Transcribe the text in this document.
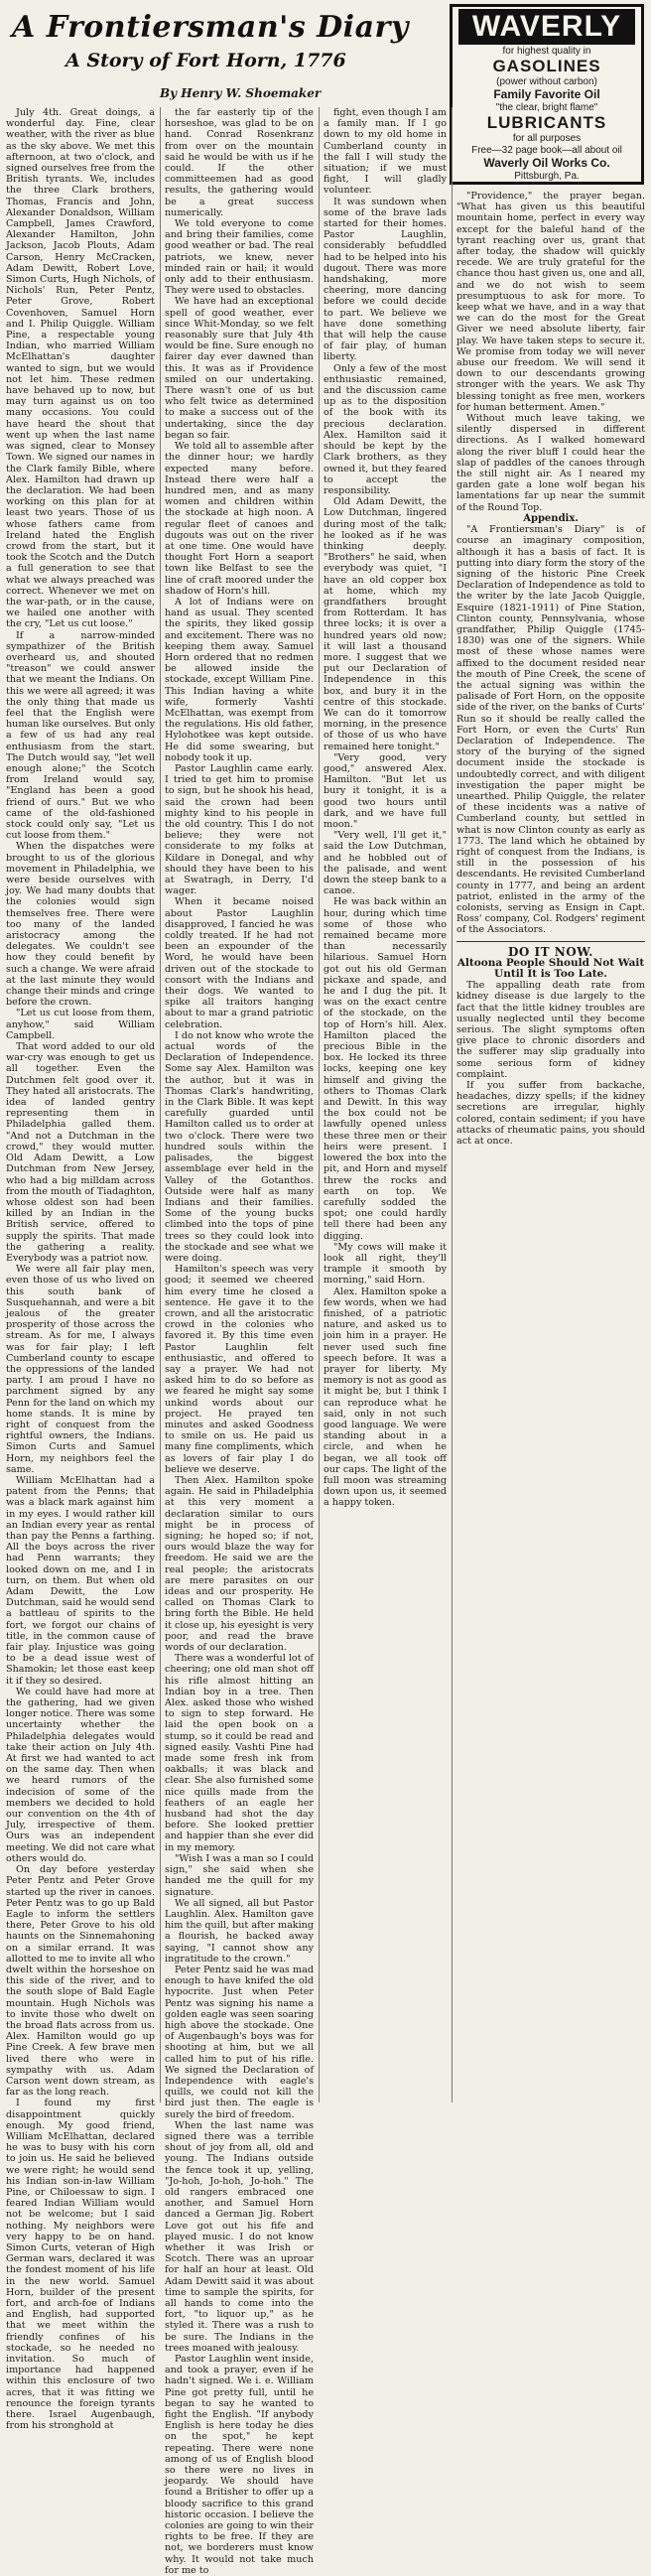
A Frontiersman's Diary
A Story of Fort Horn, 1776
By Henry W. Shoemaker
WAVERLY
for highest quality in
GASOLINES
(power without carbon)
Family Favorite Oil
"the clear, bright flame"
LUBRICANTS
for all purposes
Free—32 page book—all about oil
Waverly Oil Works Co.
Pittsburgh, Pa.

July 4th. Great doings, a wonderful day. Fine, clear weather, with the river as blue as the sky above. We met this afternoon, at two o'clock, and signed ourselves free from the British tyrants. We, includes the three Clark brothers, Thomas, Francis and John, Alexander Donaldson, William Campbell, James Crawford, Alexander Hamilton, John Jackson, Jacob Plouts, Adam Carson, Henry McCracken, Adam Dewitt, Robert Love, Simon Curts, Hugh Nichols, of Nichols' Run, Peter Pentz, Peter Grove, Robert Covenhoven, Samuel Horn and I. Philip Quiggle. William Pine, a respectable young Indian, who married William McElhattan's daughter wanted to sign, but we would not let him. These redmen have behaved up to now, but may turn against us on too many occasions. You could have heard the shout that went up when the last name was signed, clear to Monsey Town. We signed our names in the Clark family Bible, where Alex. Hamilton had drawn up the declaration. We had been working on this plan for at least two years. Those of us whose fathers came from Ireland hated the English crowd from the start, but it took the Scotch and the Dutch a full generation to see that what we always preached was correct. Whenever we met on the war-path, or in the cause, we hailed one another with the cry, "Let us cut loose."

If a narrow-minded sympathizer of the British overheard us, and shouted "treason" we could answer that we meant the Indians. On this we were all agreed; it was the only thing that made us feel that the English were human like ourselves. But only a few of us had any real enthusiasm from the start. The Dutch would say, "let well enough alone;" the Scotch from Ireland would say, "England has been a good friend of ours." But we who came of the old-fashioned stock could only say, "Let us cut loose from them."

When the dispatches were brought to us of the glorious movement in Philadelphia, we were beside ourselves with joy. We had many doubts that the colonies would sign themselves free. There were too many of the landed aristocracy among the delegates. We couldn't see how they could benefit by such a change. We were afraid at the last minute they would change their minds and cringe before the crown.

"Let us cut loose from them, anyhow," said William Campbell.

That word added to our old war-cry was enough to get us all together. Even the Dutchmen felt good over it. They hated all aristocrats. The idea of landed gentry representing them in Philadelphia galled them. "And not a Dutchman in the crowd," they would mutter. Old Adam Dewitt, a Low Dutchman from New Jersey, who had a big milldam across from the mouth of Tiadaghton, whose oldest son had been killed by an Indian in the British service, offered to supply the spirits. That made the gathering a reality. Everybody was a patriot now.

We were all fair play men, even those of us who lived on this south bank of Susquehannah, and were a bit jealous of the greater prosperity of those across the stream. As for me, I always was for fair play; I left Cumberland county to escape the oppressions of the landed party. I am proud I have no parchment signed by any Penn for the land on which my home stands. It is mine by right of conquest from the rightful owners, the Indians. Simon Curts and Samuel Horn, my neighbors feel the same.

William McElhattan had a patent from the Penns; that was a black mark against him in my eyes. I would rather kill an Indian every year as rental than pay the Penns a farthing. All the boys across the river had Penn warrants; they looked down on me, and I in turn, on them. But when old Adam Dewitt, the Low Dutchman, said he would send a battleau of spirits to the fort, we forgot our chains of title, in the common cause of fair play. Injustice was going to be a dead issue west of Shamokin; let those east keep it if they so desired.

We could have had more at the gathering, had we given longer notice. There was some uncertainty whether the Philadelphia delegates would take their action on July 4th. At first we had wanted to act on the same day. Then when we heard rumors of the indecision of some of the members we decided to hold our convention on the 4th of July, irrespective of them. Ours was an independent meeting. We did not care what others would do.

On day before yesterday Peter Pentz and Peter Grove started up the river in canoes. Peter Pentz was to go up Bald Eagle to inform the settlers there, Peter Grove to his old haunts on the Sinnemahoning on a similar errand. It was allotted to me to invite all who dwelt within the horseshoe on this side of the river, and to the south slope of Bald Eagle mountain. Hugh Nichols was to invite those who dwelt on the broad flats across from us. Alex. Hamilton would go up Pine Creek. A few brave men lived there who were in sympathy with us. Adam Carson went down stream, as far as the long reach.

I found my first disappointment quickly enough. My good friend, William McElhattan, declared he was to busy with his corn to join us. He said he believed we were right; he would send his Indian son-in-law William Pine, or Chiloessaw to sign. I feared Indian William would not be welcome; but I said nothing. My neighbors were very happy to be on hand. Simon Curts, veteran of High German wars, declared it was the fondest moment of his life in the new world. Samuel Horn, builder of the present fort, and arch-foe of Indians and English, had supported that we meet within the friendly confines of his stockade, so he needed no invitation. So much of importance had happened within this enclosure of two acres, that it was fitting we renounce the foreign tyrants there. Israel Augenbaugh, from his stronghold at

the far easterly tip of the horseshoe, was glad to be on hand. Conrad Rosenkranz from over on the mountain said he would be with us if he could. If the other committeemen had as good results, the gathering would be a great success numerically.

We told everyone to come and bring their families, come good weather or bad. The real patriots, we knew, never minded rain or hail; it would only add to their enthusiasm. They were used to obstacles.

We have had an exceptional spell of good weather, ever since Whit-Monday, so we felt reasonably sure that July 4th would be fine. Sure enough no fairer day ever dawned than this. It was as if Providence smiled on our undertaking. There wasn't one of us but who felt twice as determined to make a success out of the undertaking, since the day began so fair.

We told all to assemble after the dinner hour; we hardly expected many before. Instead there were half a hundred men, and as many women and children within the stockade at high noon. A regular fleet of canoes and dugouts was out on the river at one time. One would have thought Fort Horn a seaport town like Belfast to see the line of craft moored under the shadow of Horn's hill.

A lot of Indians were on hand as usual. They scented the spirits, they liked gossip and excitement. There was no keeping them away. Samuel Horn ordered that no redmen be allowed inside the stockade, except William Pine. This Indian having a white wife, formerly Vashti McElhattan, was exempt from the regulations. His old father, Hylohotkee was kept outside. He did some swearing, but nobody took it up.

Pastor Laughlin came early. I tried to get him to promise to sign, but he shook his head, said the crown had been mighty kind to his people in the old country. This I do not believe; they were not considerate to my folks at Kildare in Donegal, and why should they have been to his at Swatragh, in Derry, I'd wager.

When it became noised about Pastor Laughlin disapproved, I fancied he was coldly treated. If he had not been an expounder of the Word, he would have been driven out of the stockade to consort with the Indians and their dogs. We wanted to spike all traitors hanging about to mar a grand patriotic celebration.

I do not know who wrote the actual words of the Declaration of Independence. Some say Alex. Hamilton was the author, but it was in Thomas Clark's handwriting, in the Clark Bible. It was kept carefully guarded until Hamilton called us to order at two o'clock. There were two hundred souls within the palisades, the biggest assemblage ever held in the Valley of the Gotanthos. Outside were half as many Indians and their families. Some of the young bucks climbed into the tops of pine trees so they could look into the stockade and see what we were doing.

Hamilton's speech was very good; it seemed we cheered him every time he closed a sentence. He gave it to the crown, and all the aristocratic crowd in the colonies who favored it. By this time even Pastor Laughlin felt enthusiastic, and offered to say a prayer. We had not asked him to do so before as we feared he might say some unkind words about our project. He prayed ten minutes and asked Goodness to smile on us. He paid us many fine compliments, which as lovers of fair play I do believe we deserve.

Then Alex. Hamilton spoke again. He said in Philadelphia at this very moment a declaration similar to ours might be in process of signing; he hoped so; if not, ours would blaze the way for freedom. He said we are the real people; the aristocrats are mere parasites on our ideas and our prosperity. He called on Thomas Clark to bring forth the Bible. He held it close up, his eyesight is very poor, and read the brave words of our declaration.

There was a wonderful lot of cheering; one old man shot off his rifle almost hitting an Indian boy in a tree. Then Alex. asked those who wished to sign to step forward. He laid the open book on a stump, so it could be read and signed easily. Vashti Pine had made some fresh ink from oakballs; it was black and clear. She also furnished some nice quills made from the feathers of an eagle her husband had shot the day before. She looked prettier and happier than she ever did in my memory.

"Wish I was a man so I could sign," she said when she handed me the quill for my signature.

We all signed, all but Pastor Laughlin. Alex. Hamilton gave him the quill, but after making a flourish, he backed away saying, "I cannot show any ingratitude to the crown."

Peter Pentz said he was mad enough to have knifed the old hypocrite. Just when Peter Pentz was signing his name a golden eagle was seen soaring high above the stockade. One of Augenbaugh's boys was for shooting at him, but we all called him to put of his rifle. We signed the Declaration of Independence with eagle's quills, we could not kill the bird just then. The eagle is surely the bird of freedom.

When the last name was signed there was a terrible shout of joy from all, old and young. The Indians outside the fence took it up, yelling, "Jo-hoh, Jo-hoh, Jo-hoh." The old rangers embraced one another, and Samuel Horn danced a German Jig. Robert Love got out his fife and played music. I do not know whether it was Irish or Scotch. There was an uproar for half an hour at least. Old Adam Dewitt said it was about time to sample the spirits, for all hands to come into the fort, "to liquor up," as he styled it. There was a rush to be sure. The Indians in the trees moaned with jealousy.

Pastor Laughlin went inside, and took a prayer, even if he hadn't signed. We i. e. William Pine got pretty full, until he began to say he wanted to fight the English. "If anybody English is here today he dies on the spot," he kept repeating. There were none among of us of English blood so there were no lives in jeopardy. We should have found a Britisher to offer up a bloody sacrifice to this grand historic occasion. I believe the colonies are going to win their rights to be free. If they are not, we borderers must know why. It would not take much for me to

fight, even though I am a family man. If I go down to my old home in Cumberland county in the fall I will study the situation; if we must fight, I will gladly volunteer.

It was sundown when some of the brave lads started for their homes. Pastor Laughlin, considerably befuddled had to be helped into his dugout. There was more handshaking, more cheering, more dancing before we could decide to part. We believe we have done something that will help the cause of fair play, of human liberty.

Only a few of the most enthusiastic remained, and the discussion came up as to the disposition of the book with its precious declaration. Alex. Hamilton said it should be kept by the Clark brothers, as they owned it, but they feared to accept the responsibility.

Old Adam Dewitt, the Low Dutchman, lingered during most of the talk; he looked as if he was thinking deeply. "Brothers" he said, when everybody was quiet, "I have an old copper box at home, which my grandfathers brought from Rotterdam. It has three locks; it is over a hundred years old now; it will last a thousand more. I suggest that we put our Declaration of Independence in this box, and bury it in the centre of this stockade. We can do it tomorrow morning, in the presence of those of us who have remained here tonight."

"Very good, very good," answered Alex. Hamilton. "But let us bury it tonight, it is a good two hours until dark, and we have full moon."

"Very well, I'll get it," said the Low Dutchman, and he hobbled out of the palisade, and went down the steep bank to a canoe.

He was back within an hour, during which time some of those who remained became more than necessarily hilarious. Samuel Horn got out his old German pickaxe and spade, and he and I dug the pit. It was on the exact centre of the stockade, on the top of Horn's hill. Alex. Hamilton placed the precious Bible in the box. He locked its three locks, keeping one key himself and giving the others to Thomas Clark and Dewitt. In this way the box could not be lawfully opened unless these three men or their heirs were present. I lowered the box into the pit, and Horn and myself threw the rocks and earth on top. We carefully sodded the spot; one could hardly tell there had been any digging.

"My cows will make it look all right, they'll trample it smooth by morning," said Horn.

Alex. Hamilton spoke a few words, when we had finished, of a patriotic nature, and asked us to join him in a prayer. He never used such fine speech before. It was a prayer for liberty. My memory is not as good as it might be, but I think I can reproduce what he said, only in not such good language. We were standing about in a circle, and when he began, we all took off our caps. The light of the full moon was streaming down upon us, it seemed a happy token.

"Providence," the prayer began. "What has given us this beautiful mountain home, perfect in every way except for the baleful hand of the tyrant reaching over us, grant that after today, the shadow will quickly recede. We are truly grateful for the chance thou hast given us, one and all, and we do not wish to seem presumptuous to ask for more. To keep what we have, and in a way that we can do the most for the Great Giver we need absolute liberty, fair play. We have taken steps to secure it. We promise from today we will never abuse our freedom. We will send it down to our descendants growing stronger with the years. We ask Thy blessing tonight as free men, workers for human betterment. Amen."

Without much leave taking, we silently dispersed in different directions. As I walked homeward along the river bluff I could hear the slap of paddles of the canoes through the still night air. As I neared my garden gate a lone wolf began his lamentations far up near the summit of the Round Top.

Appendix.

"A Frontiersman's Diary" is of course an imaginary composition, although it has a basis of fact. It is putting into diary form the story of the signing of the historic Pine Creek Declaration of Independence as told to the writer by the late Jacob Quiggle, Esquire (1821-1911) of Pine Station, Clinton county, Pennsylvania, whose grandfather, Philip Quiggle (1745-1830) was one of the signers. While most of these whose names were affixed to the document resided near the mouth of Pine Creek, the scene of the actual signing was within the palisade of Fort Horn, on the opposite side of the river, on the banks of Curts' Run so it should be really called the Fort Horn, or even the Curts' Run Declaration of Independence. The story of the burying of the signed document inside the stockade is undoubtedly correct, and with diligent investigation the paper might be unearthed. Philip Quiggle, the relater of these incidents was a native of Cumberland county, but settled in what is now Clinton county as early as 1773. The land which he obtained by right of conquest from the Indians, is still in the possession of his descendants. He revisited Cumberland county in 1777, and being an ardent patriot, enlisted in the army of the colonists, serving as Ensign in Capt. Ross' company, Col. Rodgers' regiment of the Associators.

DO IT NOW.

Altoona People Should Not Wait Until It is Too Late.

The appalling death rate from kidney disease is due largely to the fact that the little kidney troubles are usually neglected until they become serious. The slight symptoms often give place to chronic disorders and the sufferer may slip gradually into some serious form of kidney complaint.

If you suffer from backache, headaches, dizzy spells; if the kidney secretions are irregular, highly colored, contain sediment; if you have attacks of rheumatic pains, you should act at once.
